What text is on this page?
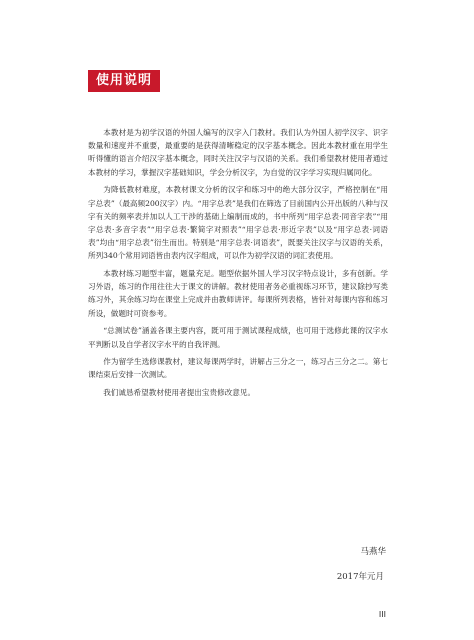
使用说明

本教材是为初学汉语的外国人编写的汉字入门教材。我们认为外国人初学汉字、识字数量和速度并不重要，最重要的是获得清晰稳定的汉字基本概念。因此本教材重在用学生听得懂的语言介绍汉字基本概念，同时关注汉字与汉语的关系。我们希望教材使用者通过本教材的学习，掌握汉字基础知识，学会分析汉字，为自觉的汉字学习实现归属同化。

为降低教材难度，本教材课文分析的汉字和练习中的绝大部分汉字，严格控制在“用字总表”（最高频200汉字）内。“用字总表”是我们在筛选了目前国内公开出版的八种与汉字有关的频率表并加以人工干涉的基础上编制而成的，书中所列“用字总表·同音字表”“用字总表·多音字表”“用字总表·繁简字对照表”“用字总表·形近字表”以及“用字总表·词语表”均由“用字总表”衍生而出。特别是“用字总表·词语表”，既要关注汉字与汉语的关系，所列340个常用词语皆由表内汉字组成，可以作为初学汉语的词汇表使用。

本教材练习题型丰富，题量充足。题型依据外国人学习汉字特点设计，多有创新。学习外语，练习的作用往往大于课文的讲解。教材使用者务必重视练习环节，建议除抄写类练习外，其余练习均在课堂上完成并由教师讲评。每课所列表格，皆针对每课内容和练习所设，做题时可资参考。

“总测试卷”涵盖各课主要内容，既可用于测试课程成绩，也可用于选修此课的汉字水平判断以及自学者汉字水平的自我评测。

作为留学生选修课教材，建议每课两学时，讲解占三分之一，练习占三分之二。第七课结束后安排一次测试。

我们诚恳希望教材使用者提出宝贵修改意见。

马燕华
2017年元月
III
